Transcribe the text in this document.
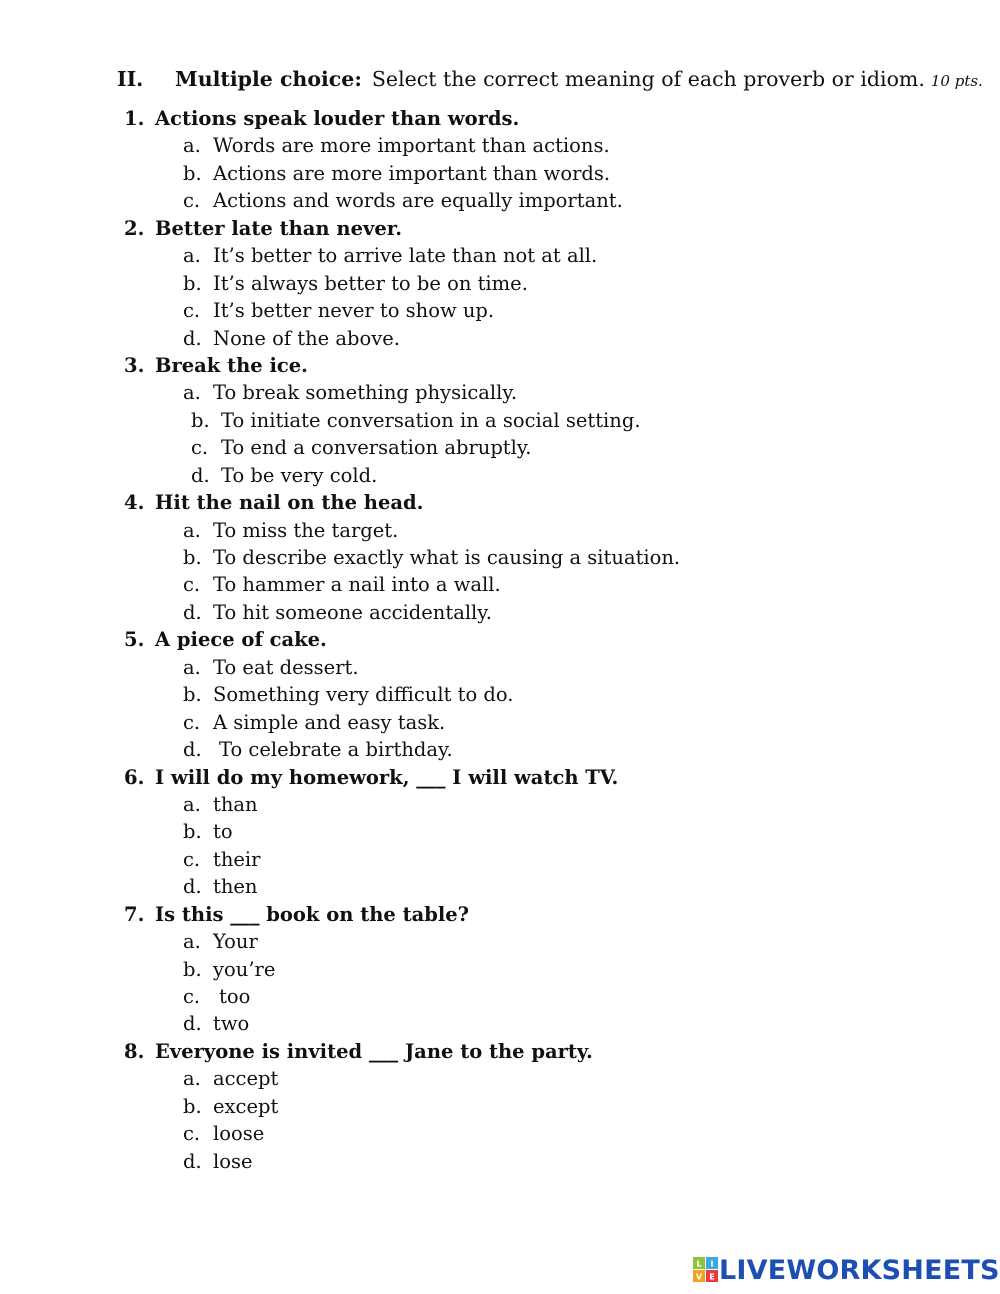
II. Multiple choice: Select the correct meaning of each proverb or idiom. 10 pts.
1. Actions speak louder than words.
a. Words are more important than actions.
b. Actions are more important than words.
c. Actions and words are equally important.
2. Better late than never.
a. It’s better to arrive late than not at all.
b. It’s always better to be on time.
c. It’s better never to show up.
d. None of the above.
3. Break the ice.
a. To break something physically.
b. To initiate conversation in a social setting.
c. To end a conversation abruptly.
d. To be very cold.
4. Hit the nail on the head.
a. To miss the target.
b. To describe exactly what is causing a situation.
c. To hammer a nail into a wall.
d. To hit someone accidentally.
5. A piece of cake.
a. To eat dessert.
b. Something very difficult to do.
c. A simple and easy task.
d. To celebrate a birthday.
6. I will do my homework, ___ I will watch TV.
a. than
b. to
c. their
d. then
7. Is this ___ book on the table?
a. Your
b. you’re
c. too
d. two
8. Everyone is invited ___ Jane to the party.
a. accept
b. except
c. loose
d. lose
L I
V E LIVEWORKSHEETS
